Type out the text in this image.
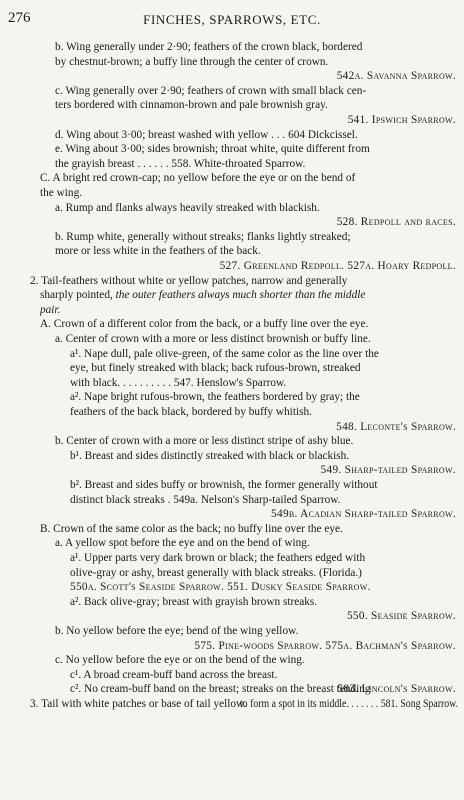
276	FINCHES, SPARROWS, ETC.
b. Wing generally under 2·90; feathers of the crown black, bordered
by chestnut-brown; a buffy line through the center of crown.
542a. Savanna Sparrow.
c. Wing generally over 2·90; feathers of crown with small black cen-
ters bordered with cinnamon-brown and pale brownish gray.
541. Ipswich Sparrow.
d. Wing about 3·00; breast washed with yellow . . . 604 Dickcissel.
e. Wing about 3·00; sides brownish; throat white, quite different from
the grayish breast . . . . . . 558. White-throated Sparrow.
C. A bright red crown-cap; no yellow before the eye or on the bend of
the wing.
a. Rump and flanks always heavily streaked with blackish.
528. Redpoll and races.
b. Rump white, generally without streaks; flanks lightly streaked;
more or less white in the feathers of the back.
527. Greenland Redpoll. 527a. Hoary Redpoll.
2. Tail-feathers without white or yellow patches, narrow and generally
sharply pointed, the outer feathers always much shorter than the middle
pair.
A. Crown of a different color from the back, or a buffy line over the eye.
a. Center of crown with a more or less distinct brownish or buffy line.
a¹. Nape dull, pale olive-green, of the same color as the line over the
eye, but finely streaked with black; back rufous-brown, streaked
with black. . . . . . . . . . 547. Henslow's Sparrow.
a². Nape bright rufous-brown, the feathers bordered by gray; the
feathers of the back black, bordered by buffy whitish.
548. Leconte's Sparrow.
b. Center of crown with a more or less distinct stripe of ashy blue.
b¹. Breast and sides distinctly streaked with black or blackish.
549. Sharp-tailed Sparrow.
b². Breast and sides buffy or brownish, the former generally without
distinct black streaks . 549a. Nelson's Sharp-tailed Sparrow.
549b. Acadian Sharp-tailed Sparrow.
B. Crown of the same color as the back; no buffy line over the eye.
a. A yellow spot before the eye and on the bend of wing.
a¹. Upper parts very dark brown or black; the feathers edged with
olive-gray or ashy, breast generally with black streaks. (Florida.)
550a. Scott's Seaside Sparrow. 551. Dusky Seaside Sparrow.
a². Back olive-gray; breast with grayish brown streaks.
550. Seaside Sparrow.
b. No yellow before the eye; bend of the wing yellow.
575. Pine-woods Sparrow. 575a. Bachman's Sparrow.
c. No yellow before the eye or on the bend of the wing.
c¹. A broad cream-buff band across the breast.
583. Lincoln's Sparrow.
c². No cream-buff band on the breast; streaks on the breast tending
to form a spot in its middle. . . . . . . 581. Song Sparrow.
3. Tail with white patches or base of tail yellow.
